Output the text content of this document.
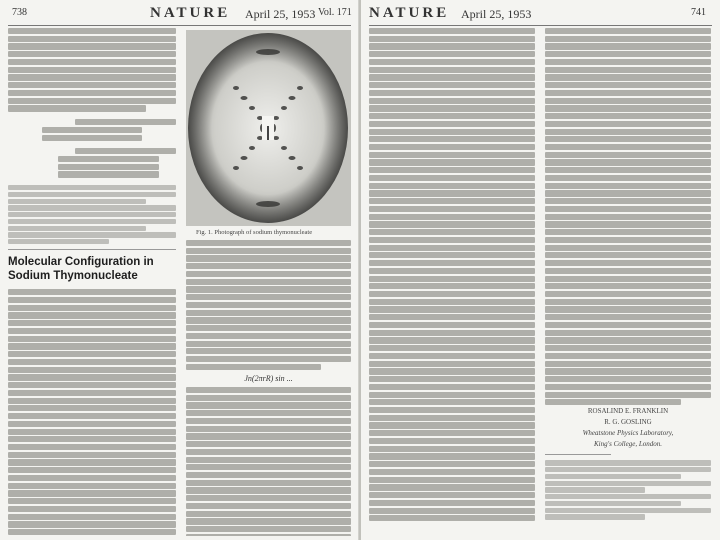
738	NATURE April 25, 1953 Vol. 171
Molecular Configuration in Sodium Thymonucleate
Fig. 1. Photograph of sodium thymonucleate
Jn(2πrR) sin ...
NATURE April 25, 1953	741
ROSALIND E. FRANKLIN
R. G. GOSLING
Wheatstone Physics Laboratory,
King's College, London.
